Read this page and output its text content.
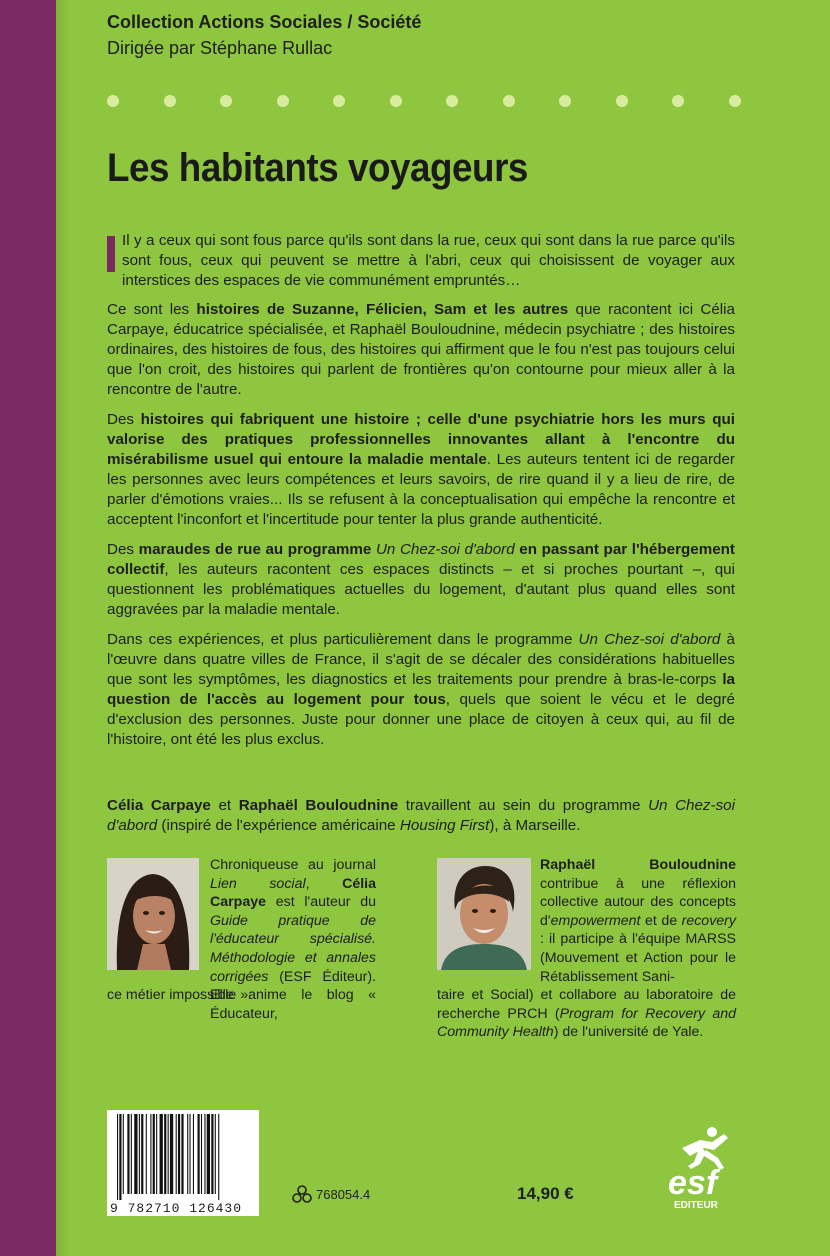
Collection Actions Sociales / Société
Dirigée par Stéphane Rullac
Les habitants voyageurs
Il y a ceux qui sont fous parce qu'ils sont dans la rue, ceux qui sont dans la rue parce qu'ils sont fous, ceux qui peuvent se mettre à l'abri, ceux qui choisissent de voyager aux interstices des espaces de vie communément empruntés…
Ce sont les histoires de Suzanne, Félicien, Sam et les autres que racontent ici Célia Carpaye, éducatrice spécialisée, et Raphaël Bouloudnine, médecin psychiatre ; des histoires ordinaires, des histoires de fous, des histoires qui affirment que le fou n'est pas toujours celui que l'on croit, des histoires qui parlent de frontières qu'on contourne pour mieux aller à la rencontre de l'autre.
Des histoires qui fabriquent une histoire ; celle d'une psychiatrie hors les murs qui valorise des pratiques professionnelles innovantes allant à l'encontre du misérabilisme usuel qui entoure la maladie mentale. Les auteurs tentent ici de regarder les personnes avec leurs compétences et leurs savoirs, de rire quand il y a lieu de rire, de parler d'émotions vraies... Ils se refusent à la conceptualisation qui empêche la rencontre et acceptent l'inconfort et l'incertitude pour tenter la plus grande authenticité.
Des maraudes de rue au programme Un Chez-soi d'abord en passant par l'hébergement collectif, les auteurs racontent ces espaces distincts – et si proches pourtant –, qui questionnent les problématiques actuelles du logement, d'autant plus quand elles sont aggravées par la maladie mentale.
Dans ces expériences, et plus particulièrement dans le programme Un Chez-soi d'abord à l'œuvre dans quatre villes de France, il s'agit de se décaler des considérations habituelles que sont les symptômes, les diagnostics et les traitements pour prendre à bras-le-corps la question de l'accès au logement pour tous, quels que soient le vécu et le degré d'exclusion des personnes. Juste pour donner une place de citoyen à ceux qui, au fil de l'histoire, ont été les plus exclus.
Célia Carpaye et Raphaël Bouloudnine travaillent au sein du programme Un Chez-soi d'abord (inspiré de l'expérience américaine Housing First), à Marseille.
Chroniqueuse au journal Lien social, Célia Carpaye est l'auteur du Guide pratique de l'éducateur spécialisé. Méthodologie et annales corrigées (ESF Éditeur). Elle anime le blog « Éducateur,
ce métier impossible ».
Raphaël Bouloudnine contribue à une réflexion collective autour des concepts d'empowerment et de recovery : il participe à l'équipe MARSS (Mouvement et Action pour le Rétablissement Sani-
taire et Social) et collabore au laboratoire de recherche PRCH (Program for Recovery and Community Health) de l'université de Yale.
9 782710 126430
768054.4	14,90 €	esf
EDITEUR
